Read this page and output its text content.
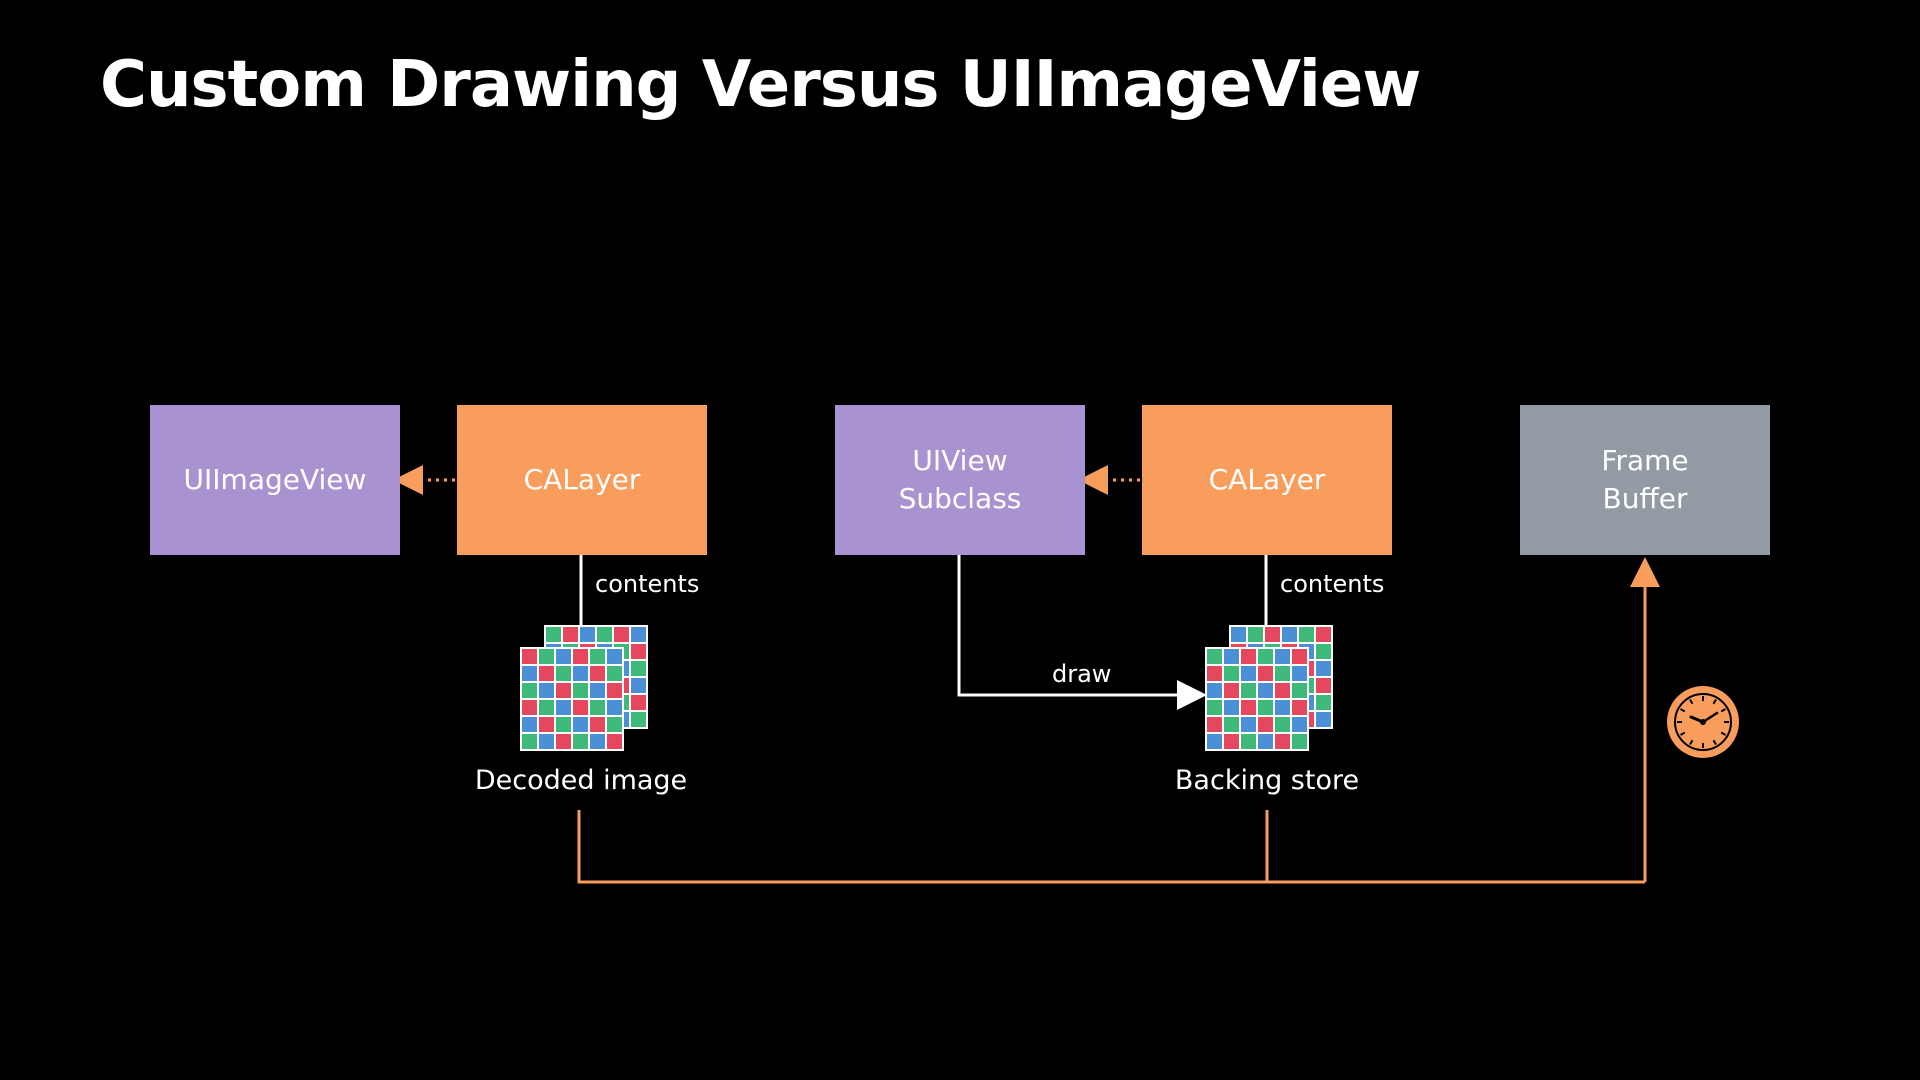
Custom Drawing Versus UIImageView
UIImageView	CALayer
contents
Decoded image
UIView
Subclass
CALayer
contents
draw
Backing store
Frame
Buffer
